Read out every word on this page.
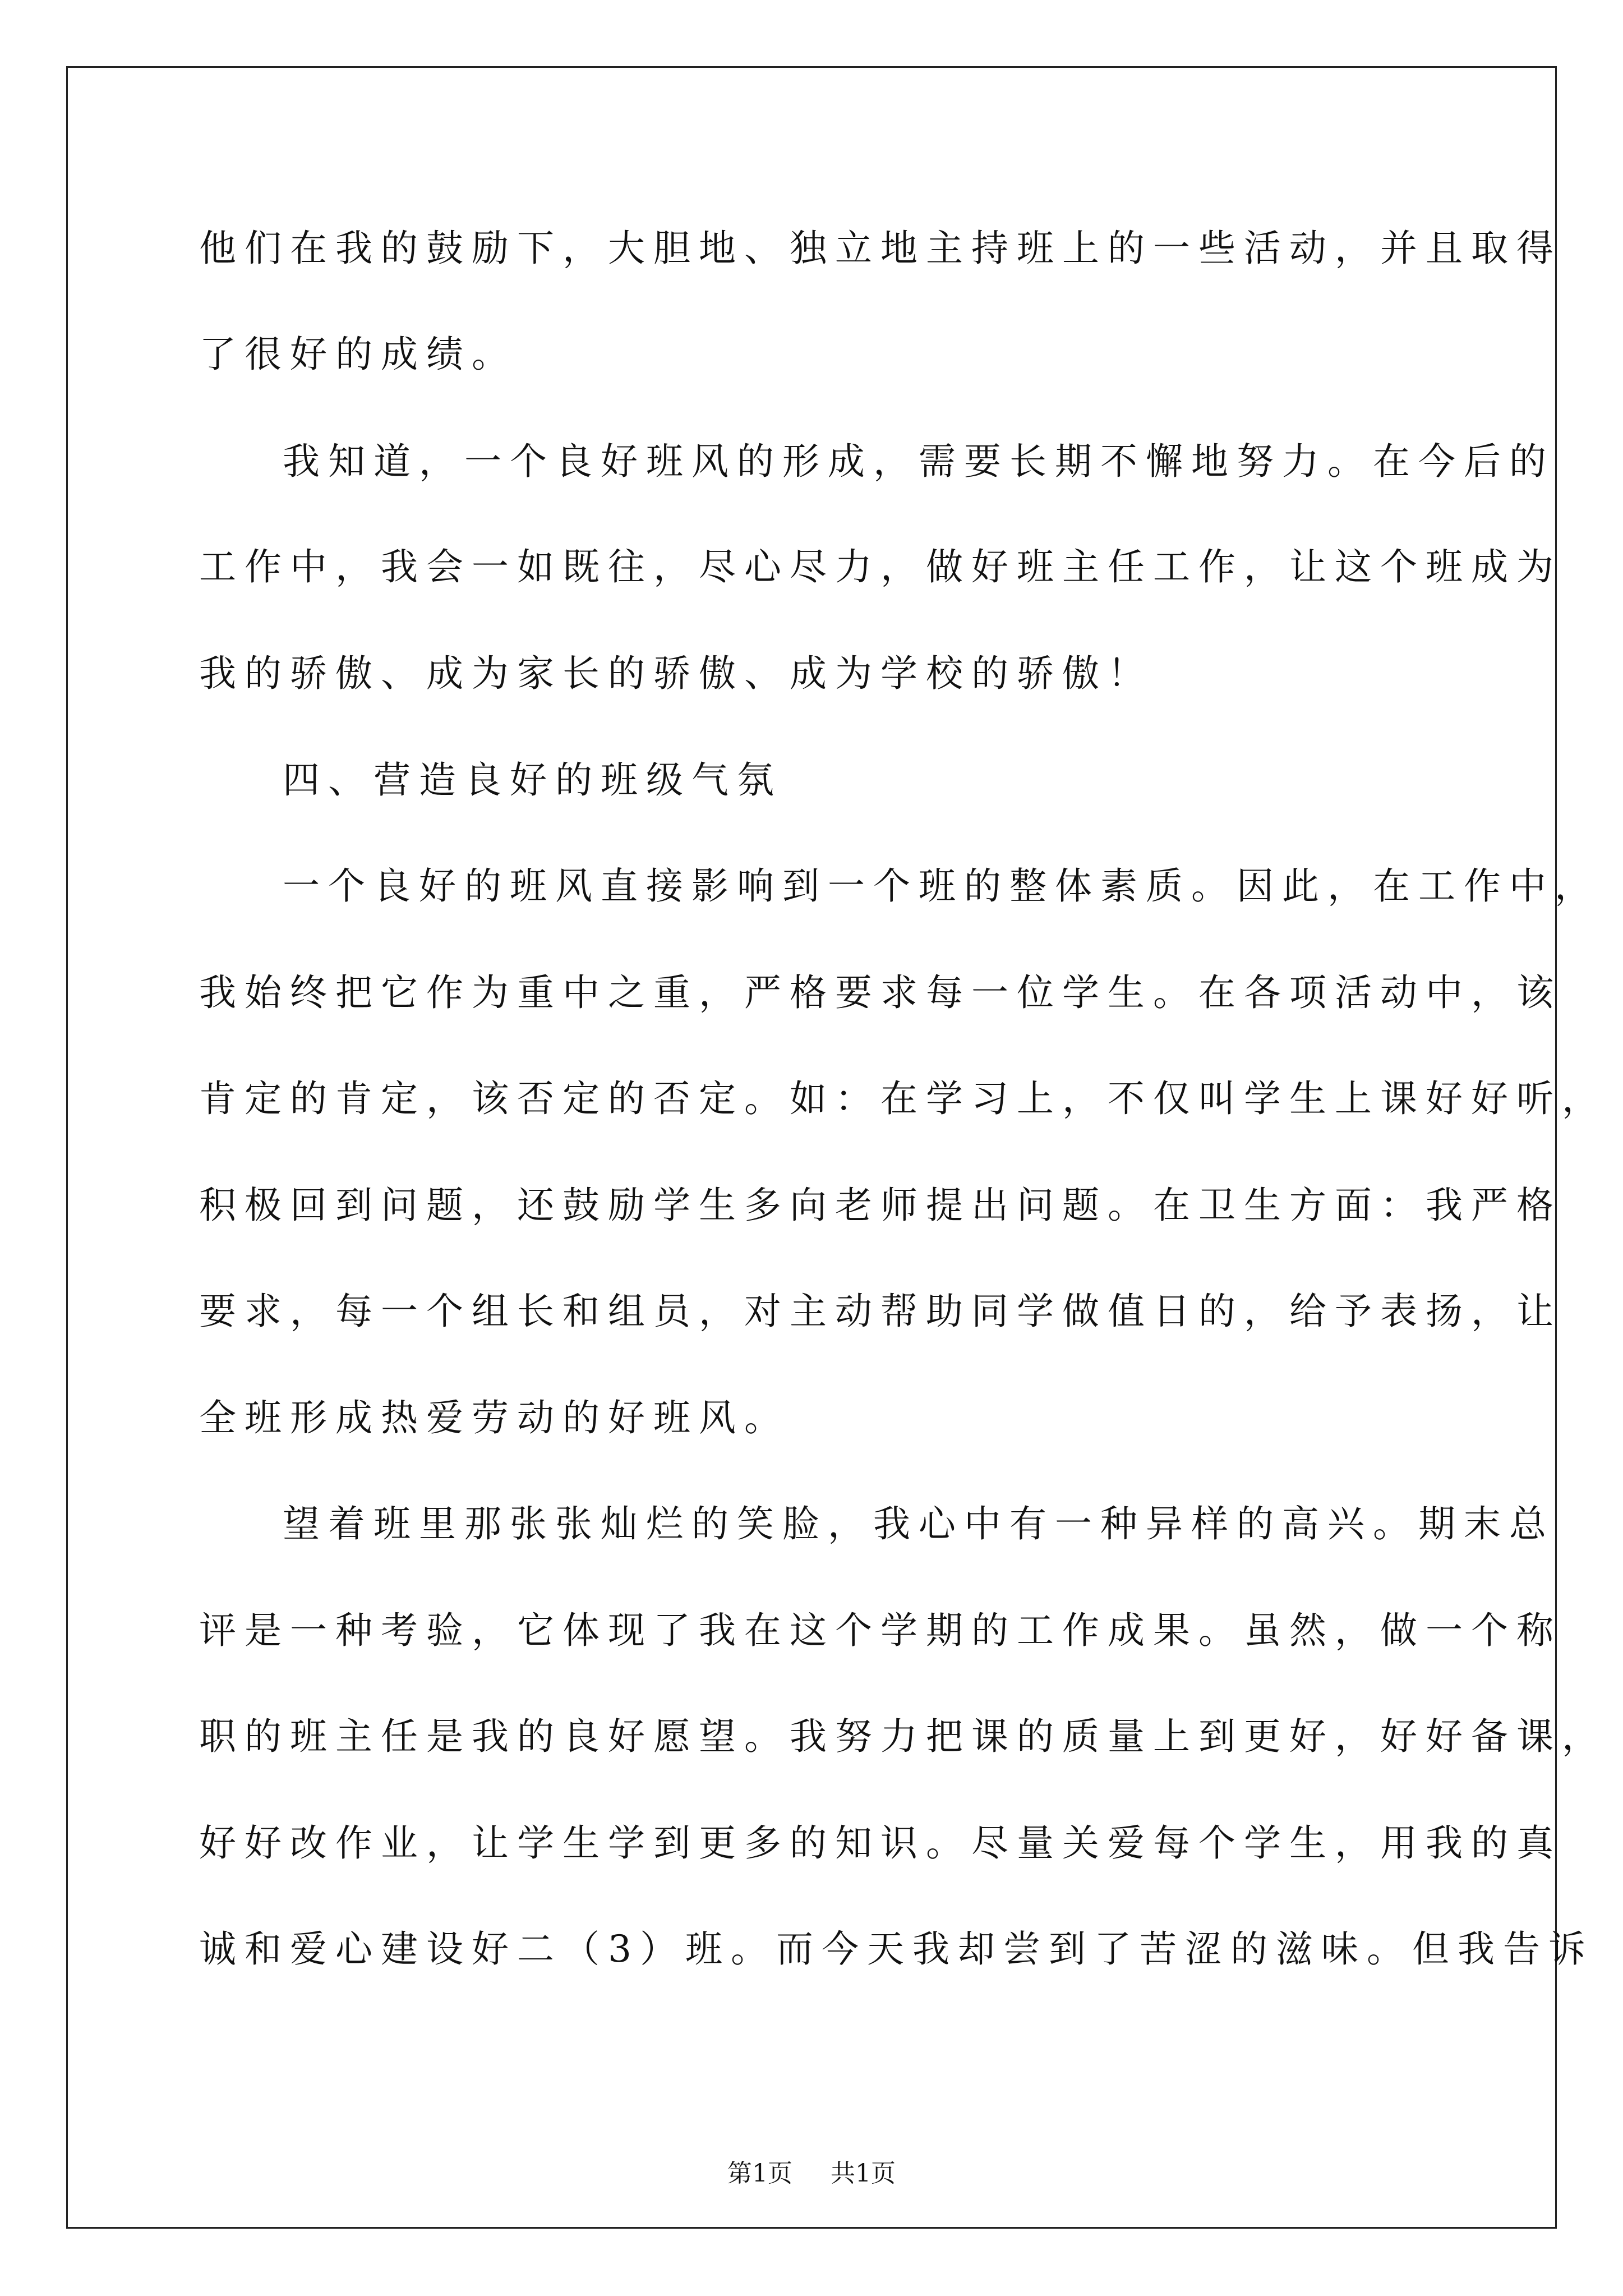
他们在我的鼓励下，大胆地、独立地主持班上的一些活动，并且取得
了很好的成绩。
我知道，一个良好班风的形成，需要长期不懈地努力。在今后的
工作中，我会一如既往，尽心尽力，做好班主任工作，让这个班成为
我的骄傲、成为家长的骄傲、成为学校的骄傲！
四、营造良好的班级气氛
一个良好的班风直接影响到一个班的整体素质。因此，在工作中，
我始终把它作为重中之重，严格要求每一位学生。在各项活动中，该
肯定的肯定，该否定的否定。如：在学习上，不仅叫学生上课好好听，
积极回到问题，还鼓励学生多向老师提出问题。在卫生方面：我严格
要求，每一个组长和组员，对主动帮助同学做值日的，给予表扬，让
全班形成热爱劳动的好班风。
望着班里那张张灿烂的笑脸，我心中有一种异样的高兴。期末总
评是一种考验，它体现了我在这个学期的工作成果。虽然，做一个称
职的班主任是我的良好愿望。我努力把课的质量上到更好，好好备课，
好好改作业，让学生学到更多的知识。尽量关爱每个学生，用我的真
诚和爱心建设好二（3）班。而今天我却尝到了苦涩的滋味。但我告诉
第1页 共1页
